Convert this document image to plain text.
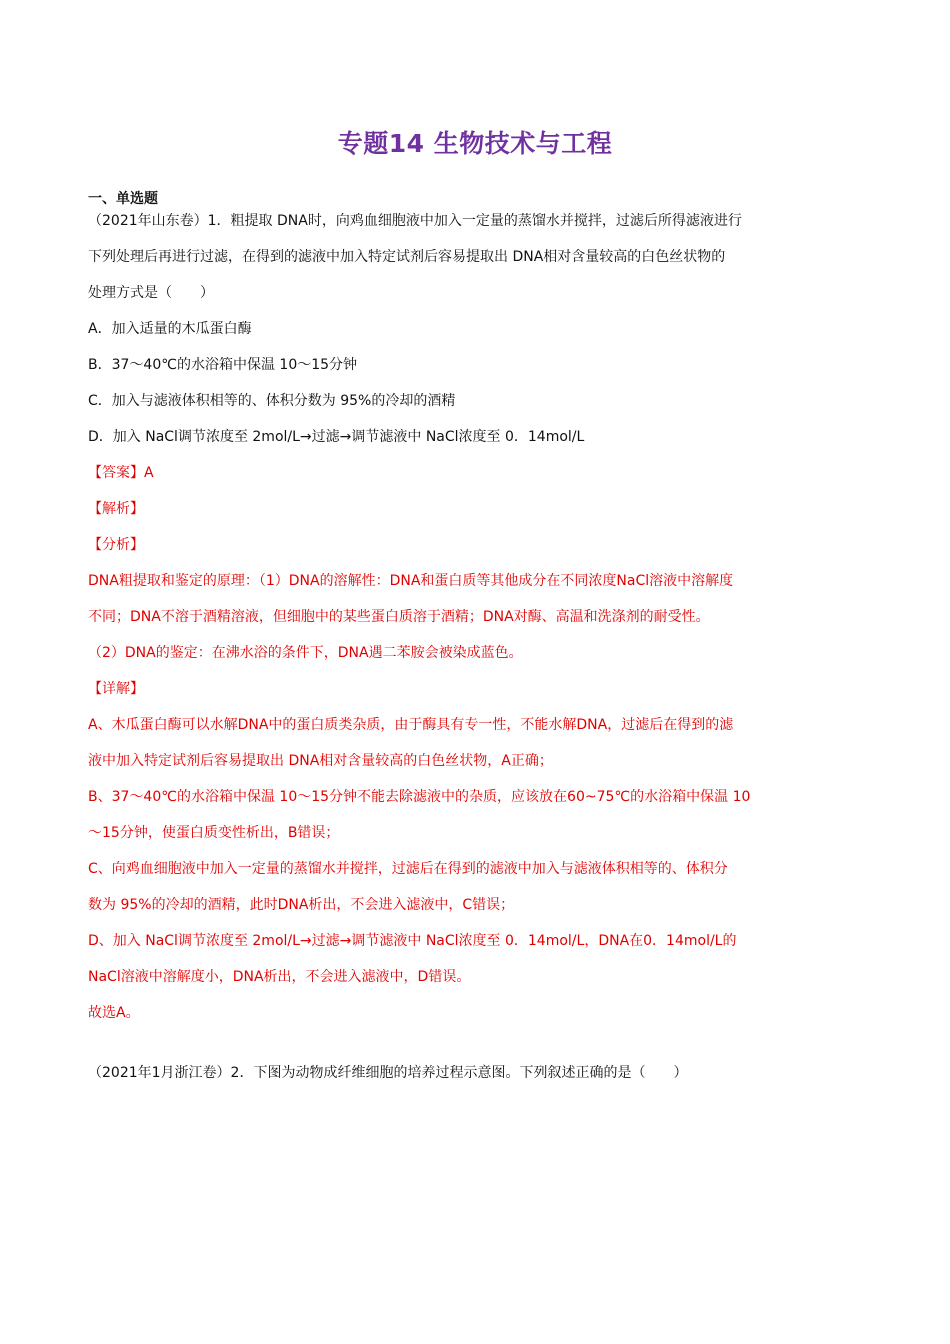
专题14 生物技术与工程
一、单选题
（2021年山东卷）1．粗提取 DNA时，向鸡血细胞液中加入一定量的蒸馏水并搅拌，过滤后所得滤液进行
下列处理后再进行过滤，在得到的滤液中加入特定试剂后容易提取出 DNA相对含量较高的白色丝状物的
处理方式是（　　）
A．加入适量的木瓜蛋白酶
B．37～40℃的水浴箱中保温 10～15分钟
C．加入与滤液体积相等的、体积分数为 95%的冷却的酒精
D．加入 NaCl调节浓度至 2mol/L→过滤→调节滤液中 NaCl浓度至 0．14mol/L
【答案】A
【解析】
【分析】
DNA粗提取和鉴定的原理：（1）DNA的溶解性：DNA和蛋白质等其他成分在不同浓度NaCl溶液中溶解度
不同；DNA不溶于酒精溶液，但细胞中的某些蛋白质溶于酒精；DNA对酶、高温和洗涤剂的耐受性。
（2）DNA的鉴定：在沸水浴的条件下，DNA遇二苯胺会被染成蓝色。
【详解】
A、木瓜蛋白酶可以水解DNA中的蛋白质类杂质，由于酶具有专一性，不能水解DNA，过滤后在得到的滤
液中加入特定试剂后容易提取出 DNA相对含量较高的白色丝状物，A正确；
B、37～40℃的水浴箱中保温 10～15分钟不能去除滤液中的杂质，应该放在60~75℃的水浴箱中保温 10
～15分钟，使蛋白质变性析出，B错误；
C、向鸡血细胞液中加入一定量的蒸馏水并搅拌，过滤后在得到的滤液中加入与滤液体积相等的、体积分
数为 95%的冷却的酒精，此时DNA析出，不会进入滤液中，C错误；
D、加入 NaCl调节浓度至 2mol/L→过滤→调节滤液中 NaCl浓度至 0．14mol/L，DNA在0．14mol/L的
NaCl溶液中溶解度小，DNA析出，不会进入滤液中，D错误。
故选A。
（2021年1月浙江卷）2．下图为动物成纤维细胞的培养过程示意图。下列叙述正确的是（　　）
